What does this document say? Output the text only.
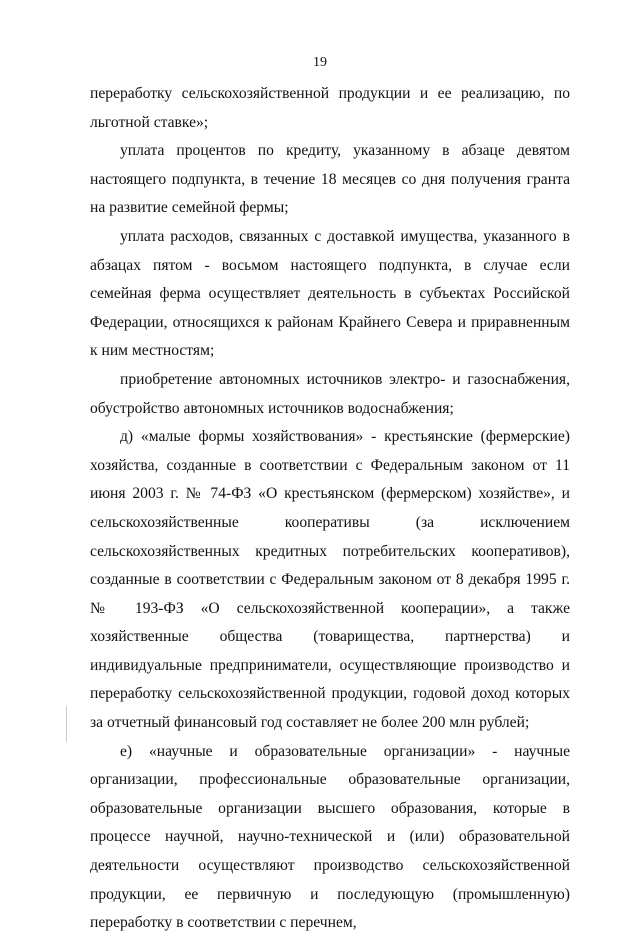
19

переработку сельскохозяйственной продукции и ее реализацию, по льготной ставке»;

уплата процентов по кредиту, указанному в абзаце девятом настоящего подпункта, в течение 18 месяцев со дня получения гранта на развитие семейной фермы;

уплата расходов, связанных с доставкой имущества, указанного в абзацах пятом - восьмом настоящего подпункта, в случае если семейная ферма осуществляет деятельность в субъектах Российской Федерации, относящихся к районам Крайнего Севера и приравненным к ним местностям;

приобретение автономных источников электро- и газоснабжения, обустройство автономных источников водоснабжения;

д) «малые формы хозяйствования» - крестьянские (фермерские) хозяйства, созданные в соответствии с Федеральным законом от 11 июня 2003 г. № 74-ФЗ «О крестьянском (фермерском) хозяйстве», и сельскохозяйственные кооперативы (за исключением сельскохозяйственных кредитных потребительских кооперативов), созданные в соответствии с Федеральным законом от 8 декабря 1995 г. № 193-ФЗ «О сельскохозяйственной кооперации», а также хозяйственные общества (товарищества, партнерства) и индивидуальные предприниматели, осуществляющие производство и переработку сельскохозяйственной продукции, годовой доход которых за отчетный финансовый год составляет не более 200 млн рублей;

е) «научные и образовательные организации» - научные организации, профессиональные образовательные организации, образовательные организации высшего образования, которые в процессе научной, научно-технической и (или) образовательной деятельности осуществляют производство сельскохозяйственной продукции, ее первичную и последующую (промышленную) переработку в соответствии с перечнем,
